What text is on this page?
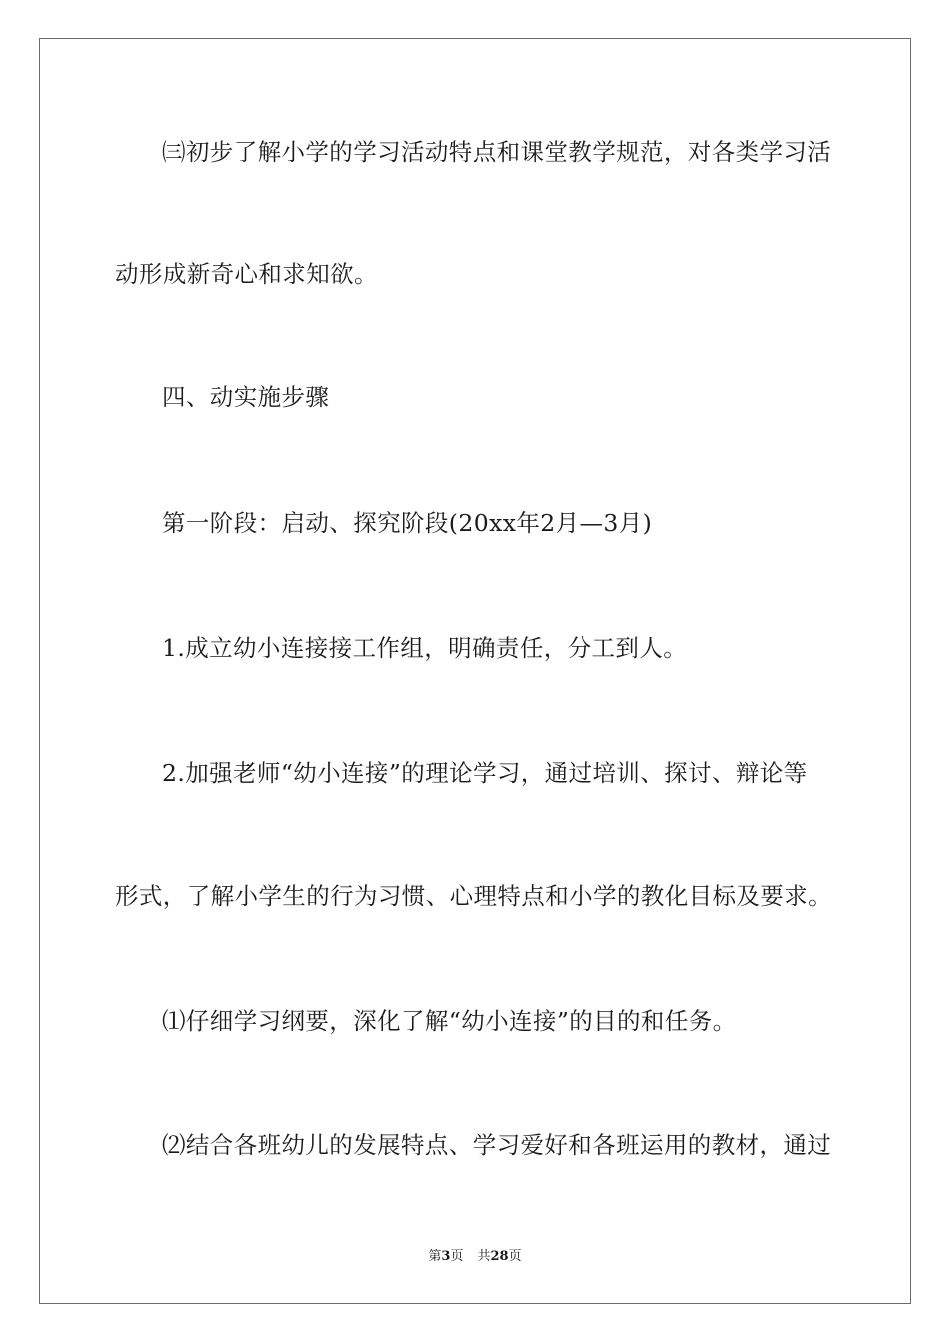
㈢初步了解小学的学习活动特点和课堂教学规范，对各类学习活
动形成新奇心和求知欲。
四、动实施步骤
第一阶段：启动、探究阶段(20xx年2月—3月)
1.成立幼小连接接工作组，明确责任，分工到人。
2.加强老师“幼小连接”的理论学习，通过培训、探讨、辩论等
形式，了解小学生的行为习惯、心理特点和小学的教化目标及要求。
⑴仔细学习纲要，深化了解“幼小连接”的目的和任务。
⑵结合各班幼儿的发展特点、学习爱好和各班运用的教材，通过
第3页 共28页
